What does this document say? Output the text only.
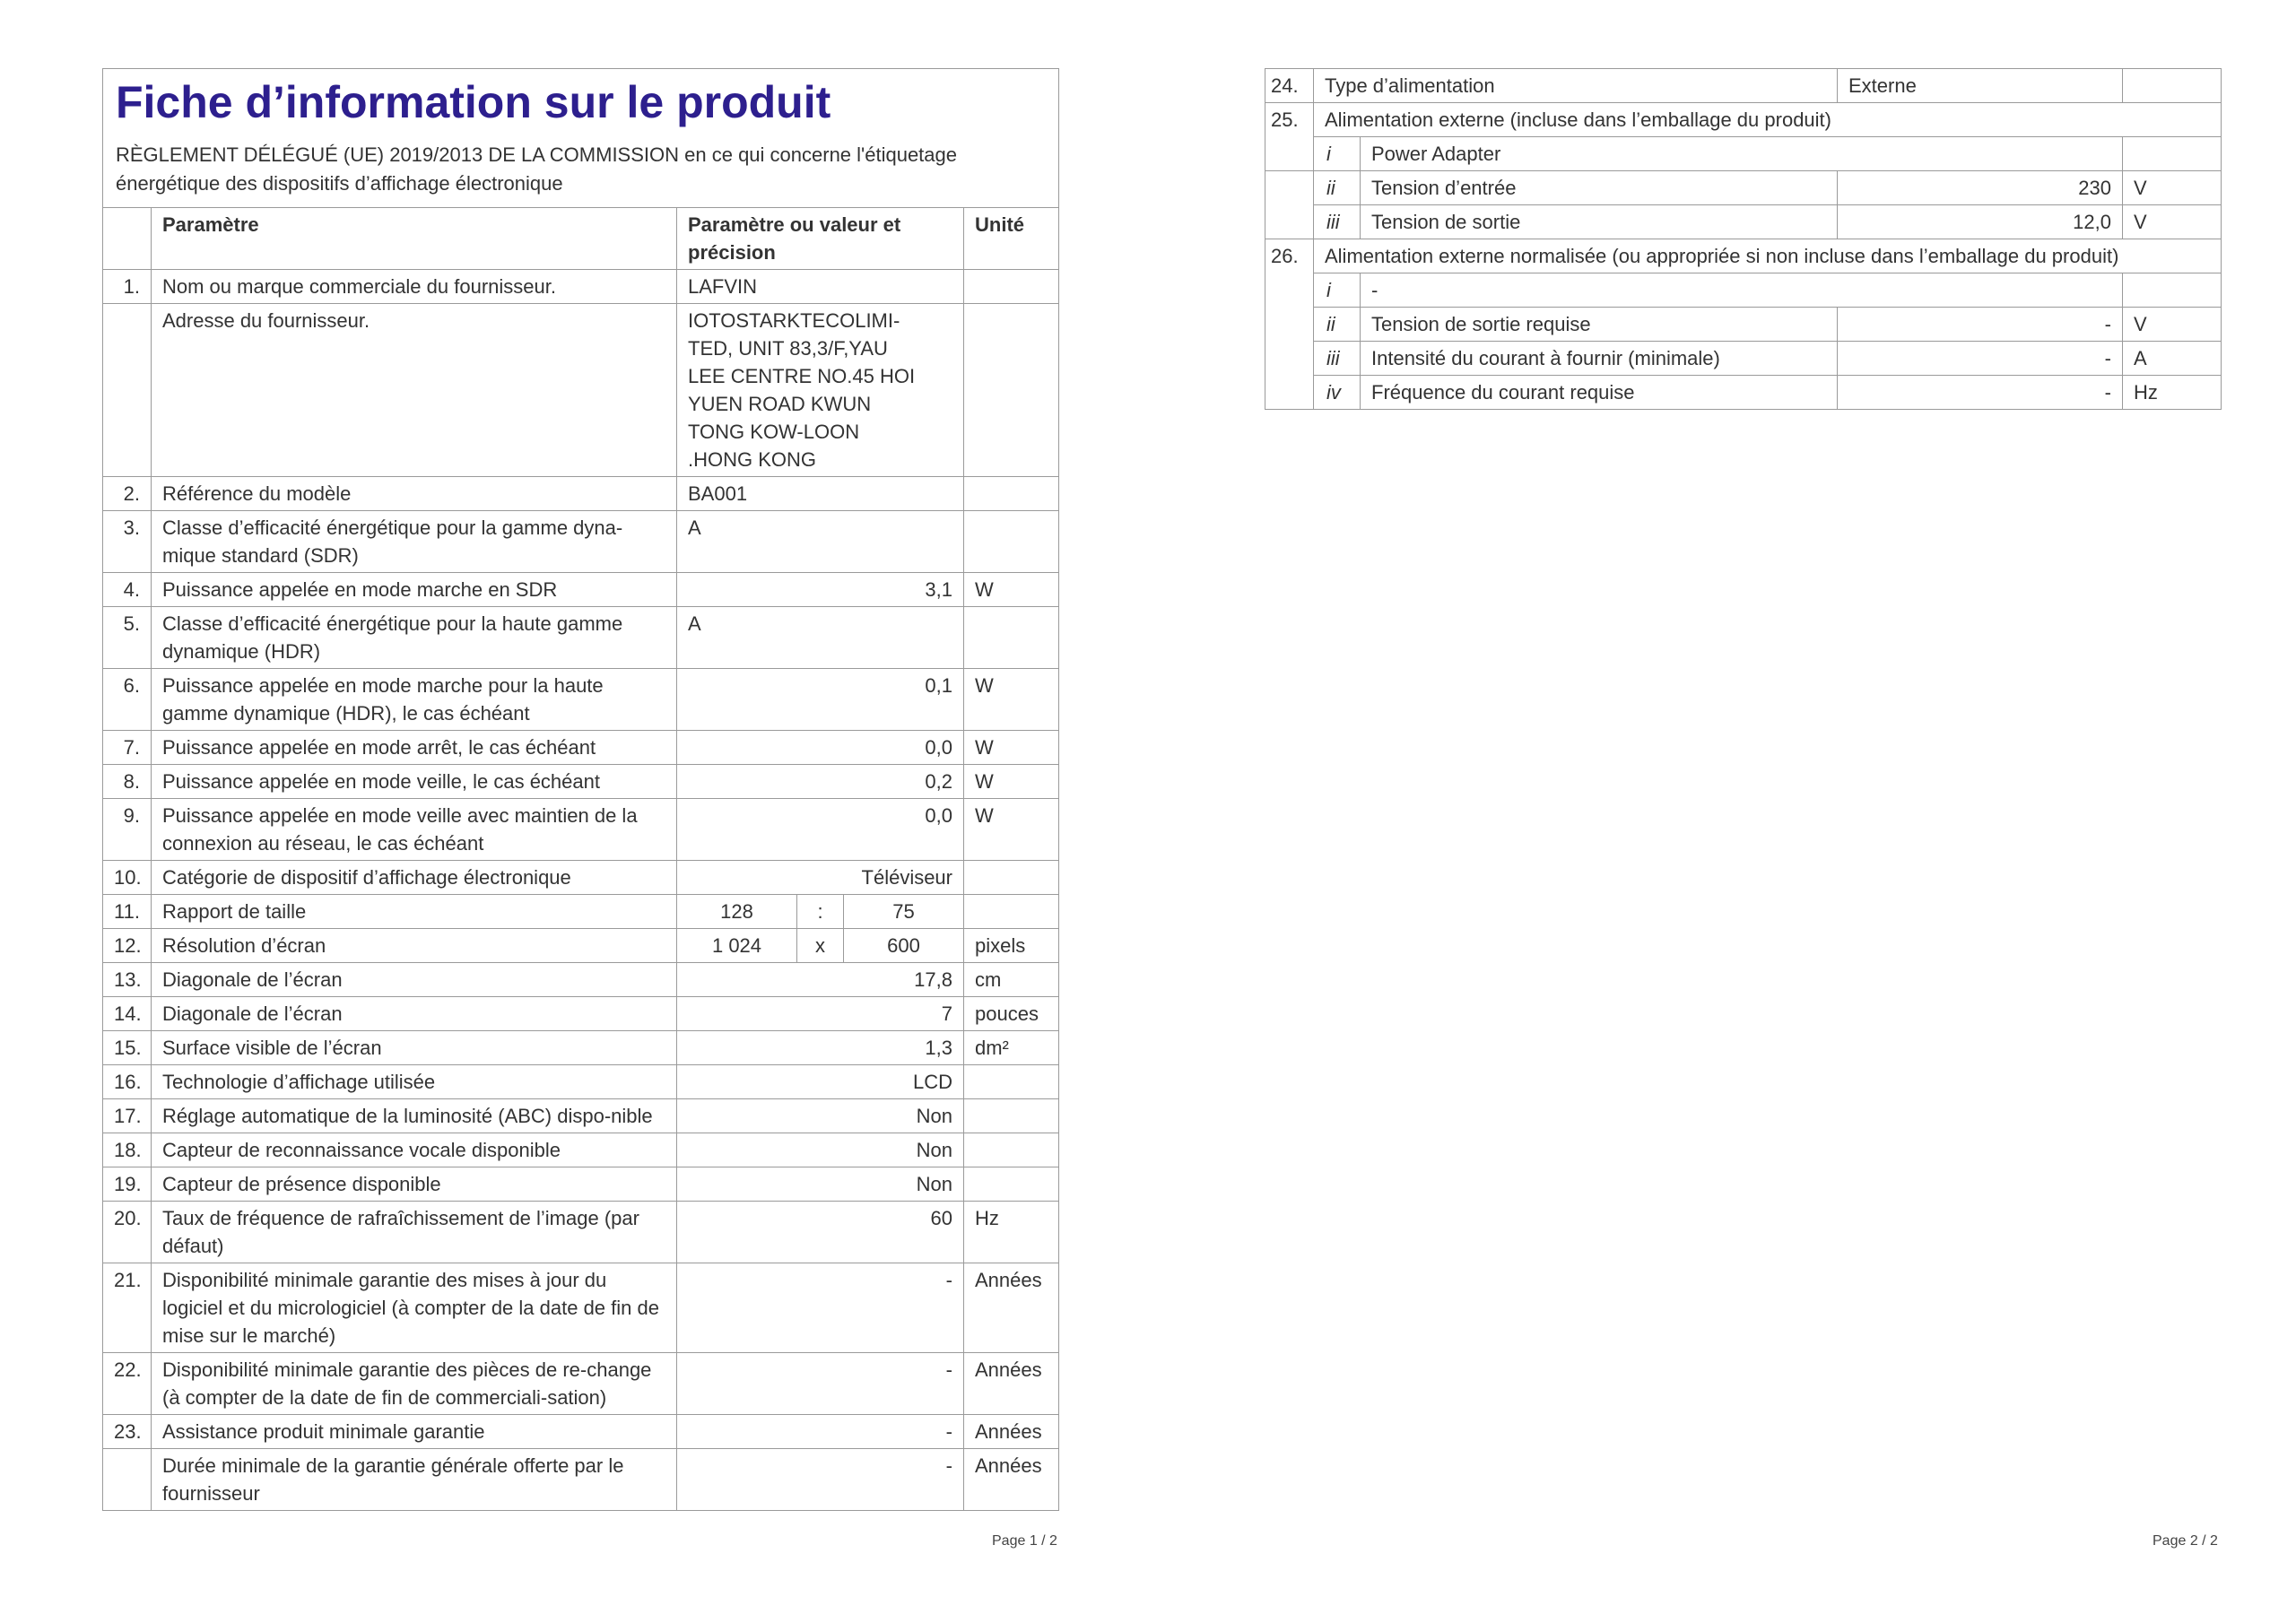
Fiche d’information sur le produit
RÈGLEMENT DÉLÉGUÉ (UE) 2019/2013 DE LA COMMISSION en ce qui concerne l'étiquetage énergétique des dispositifs d’affichage électronique					

	Paramètre	Paramètre ou valeur et précision			Unité
1.	Nom ou marque commerciale du fournisseur.	LAFVIN			
	Adresse du fournisseur.	IOTOSTARKTECOLIMI-TED, UNIT 83,3/F,YAU LEE CENTRE NO.45 HOI YUEN ROAD KWUN TONG KOW-LOON .HONG KONG			
2.	Référence du modèle	BA001			
3.	Classe d’efficacité énergétique pour la gamme dyna-mique standard (SDR)	A			
4.	Puissance appelée en mode marche en SDR	3,1			W
5.	Classe d’efficacité énergétique pour la haute gamme dynamique (HDR)	A			
6.	Puissance appelée en mode marche pour la haute gamme dynamique (HDR), le cas échéant	0,1			W
7.	Puissance appelée en mode arrêt, le cas échéant	0,0			W
8.	Puissance appelée en mode veille, le cas échéant	0,2			W
9.	Puissance appelée en mode veille avec maintien de la connexion au réseau, le cas échéant	0,0			W
10.	Catégorie de dispositif d’affichage électronique	Téléviseur			
11.	Rapport de taille	128	:	75	
12.	Résolution d’écran	1 024	x	600	pixels
13.	Diagonale de l’écran	17,8			cm
14.	Diagonale de l’écran	7			pouces
15.	Surface visible de l’écran	1,3			dm²
16.	Technologie d’affichage utilisée	LCD			
17.	Réglage automatique de la luminosité (ABC) dispo-nible	Non			
18.	Capteur de reconnaissance vocale disponible	Non			
19.	Capteur de présence disponible	Non			
20.	Taux de fréquence de rafraîchissement de l’image (par défaut)	60			Hz
21.	Disponibilité minimale garantie des mises à jour du logiciel et du micrologiciel (à compter de la date de fin de mise sur le marché)	-			Années
22.	Disponibilité minimale garantie des pièces de re-change (à compter de la date de fin de commerciali-sation)	-			Années
23.	Assistance produit minimale garantie	-			Années
	Durée minimale de la garantie générale offerte par le fournisseur	-			Années
Page 1 / 2
24.	Type d’alimentation		Externe	
25.	Alimentation externe (incluse dans l’emballage du produit)			
	i	Power Adapter		
	ii	Tension d’entrée	230	V
	iii	Tension de sortie	12,0	V
26.	Alimentation externe normalisée (ou appropriée si non incluse dans l’emballage du produit)			
	i	-		
	ii	Tension de sortie requise	-	V
	iii	Intensité du courant à fournir (minimale)	-	A
	iv	Fréquence du courant requise	-	Hz
Page 2 / 2
